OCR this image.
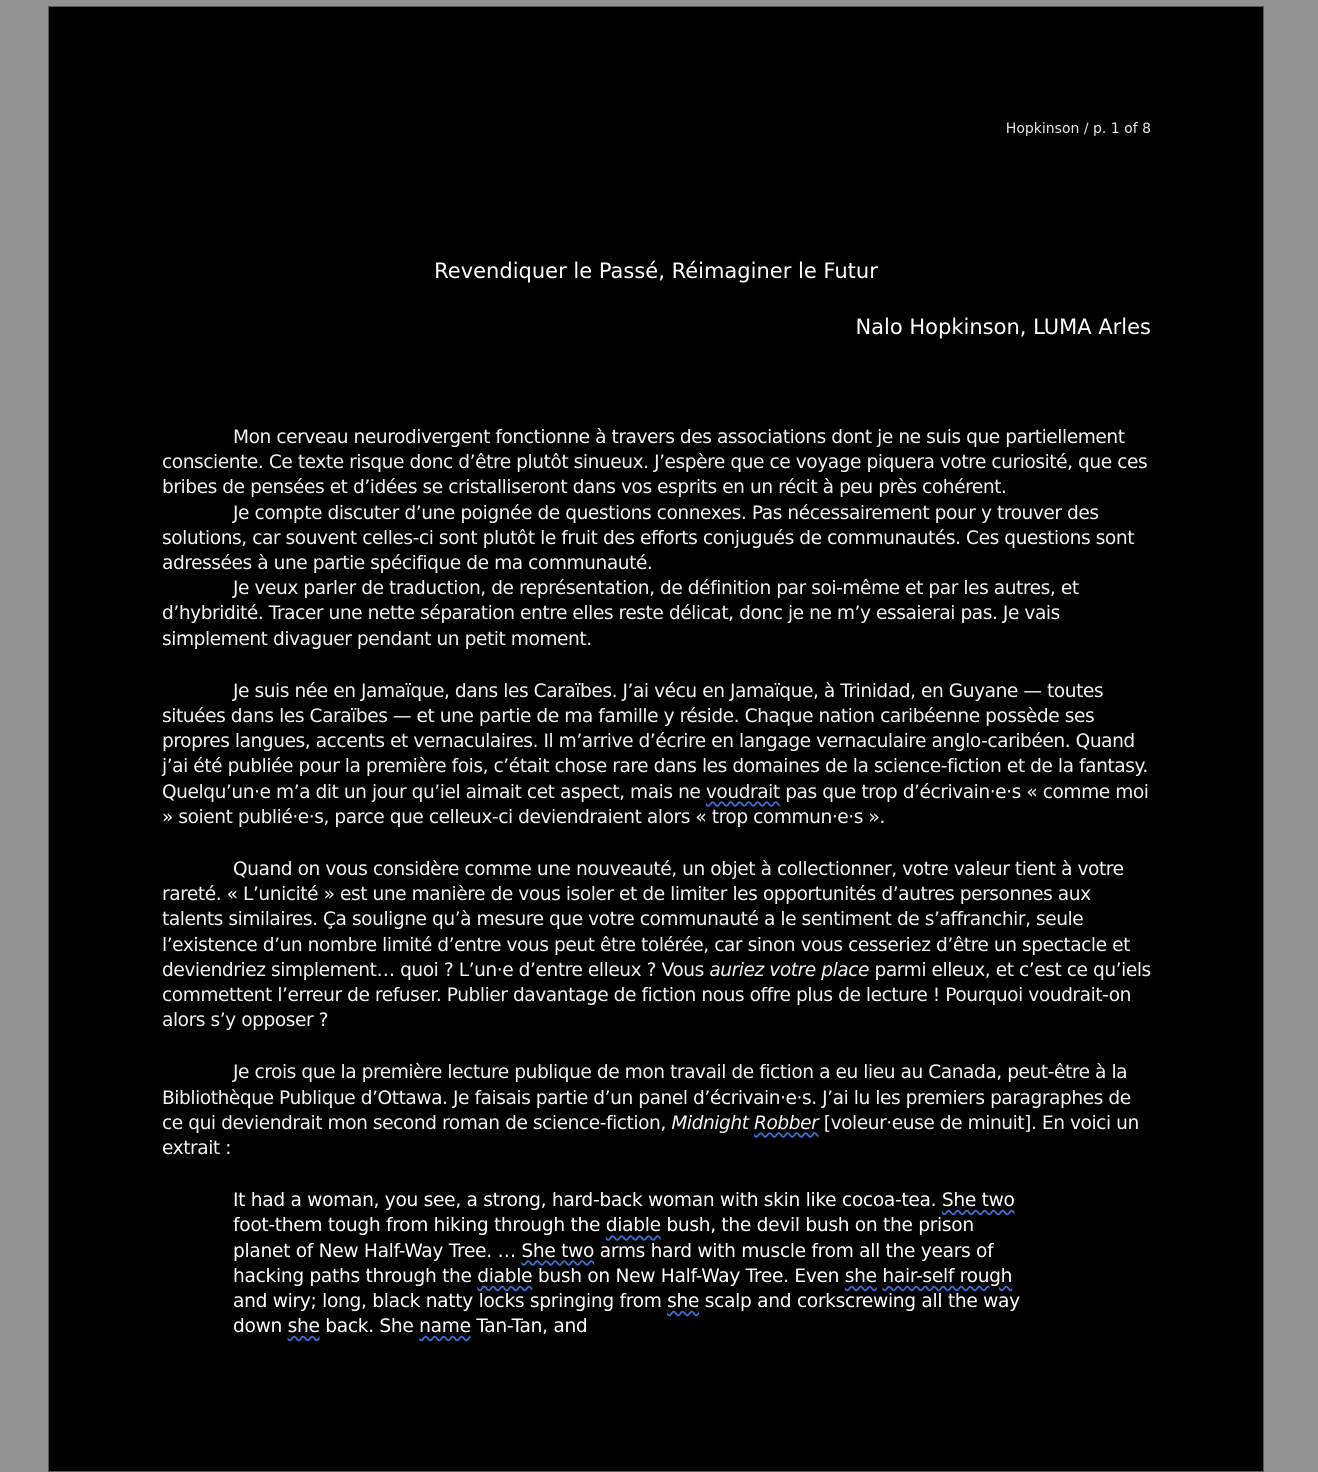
Hopkinson / p. 1 of 8
Revendiquer le Passé, Réimaginer le Futur
Nalo Hopkinson, LUMA Arles

Mon cerveau neurodivergent fonctionne à travers des associations dont je ne suis que partiellement consciente. Ce texte risque donc d’être plutôt sinueux. J’espère que ce voyage piquera votre curiosité, que ces bribes de pensées et d’idées se cristalliseront dans vos esprits en un récit à peu près cohérent.

Je compte discuter d’une poignée de questions connexes. Pas nécessairement pour y trouver des solutions, car souvent celles-ci sont plutôt le fruit des efforts conjugués de communautés. Ces questions sont adressées à une partie spécifique de ma communauté.

Je veux parler de traduction, de représentation, de définition par soi-même et par les autres, et d’hybridité. Tracer une nette séparation entre elles reste délicat, donc je ne m’y essaierai pas. Je vais simplement divaguer pendant un petit moment.

Je suis née en Jamaïque, dans les Caraïbes. J’ai vécu en Jamaïque, à Trinidad, en Guyane — toutes situées dans les Caraïbes — et une partie de ma famille y réside. Chaque nation caribéenne possède ses propres langues, accents et vernaculaires. Il m’arrive d’écrire en langage vernaculaire anglo-caribéen. Quand j’ai été publiée pour la première fois, c’était chose rare dans les domaines de la science-fiction et de la fantasy. Quelqu’un·e m’a dit un jour qu’iel aimait cet aspect, mais ne voudrait pas que trop d’écrivain·e·s « comme moi » soient publié·e·s, parce que celleux-ci deviendraient alors « trop commun·e·s ».

Quand on vous considère comme une nouveauté, un objet à collectionner, votre valeur tient à votre rareté. « L’unicité » est une manière de vous isoler et de limiter les opportunités d’autres personnes aux talents similaires. Ça souligne qu’à mesure que votre communauté a le sentiment de s’affranchir, seule l’existence d’un nombre limité d’entre vous peut être tolérée, car sinon vous cesseriez d’être un spectacle et deviendriez simplement… quoi ? L’un·e d’entre elleux ? Vous auriez votre place parmi elleux, et c’est ce qu’iels commettent l’erreur de refuser. Publier davantage de fiction nous offre plus de lecture ! Pourquoi voudrait-on alors s’y opposer ?

Je crois que la première lecture publique de mon travail de fiction a eu lieu au Canada, peut-être à la Bibliothèque Publique d’Ottawa. Je faisais partie d’un panel d’écrivain·e·s. J’ai lu les premiers paragraphes de ce qui deviendrait mon second roman de science-fiction, Midnight Robber [voleur·euse de minuit]. En voici un extrait :

It had a woman, you see, a strong, hard-back woman with skin like cocoa-tea. She two foot-them tough from hiking through the diable bush, the devil bush on the prison planet of New Half-Way Tree. … She two arms hard with muscle from all the years of hacking paths through the diable bush on New Half-Way Tree. Even she hair-self rough and wiry; long, black natty locks springing from she scalp and corkscrewing all the way down she back. She name Tan-Tan, and
